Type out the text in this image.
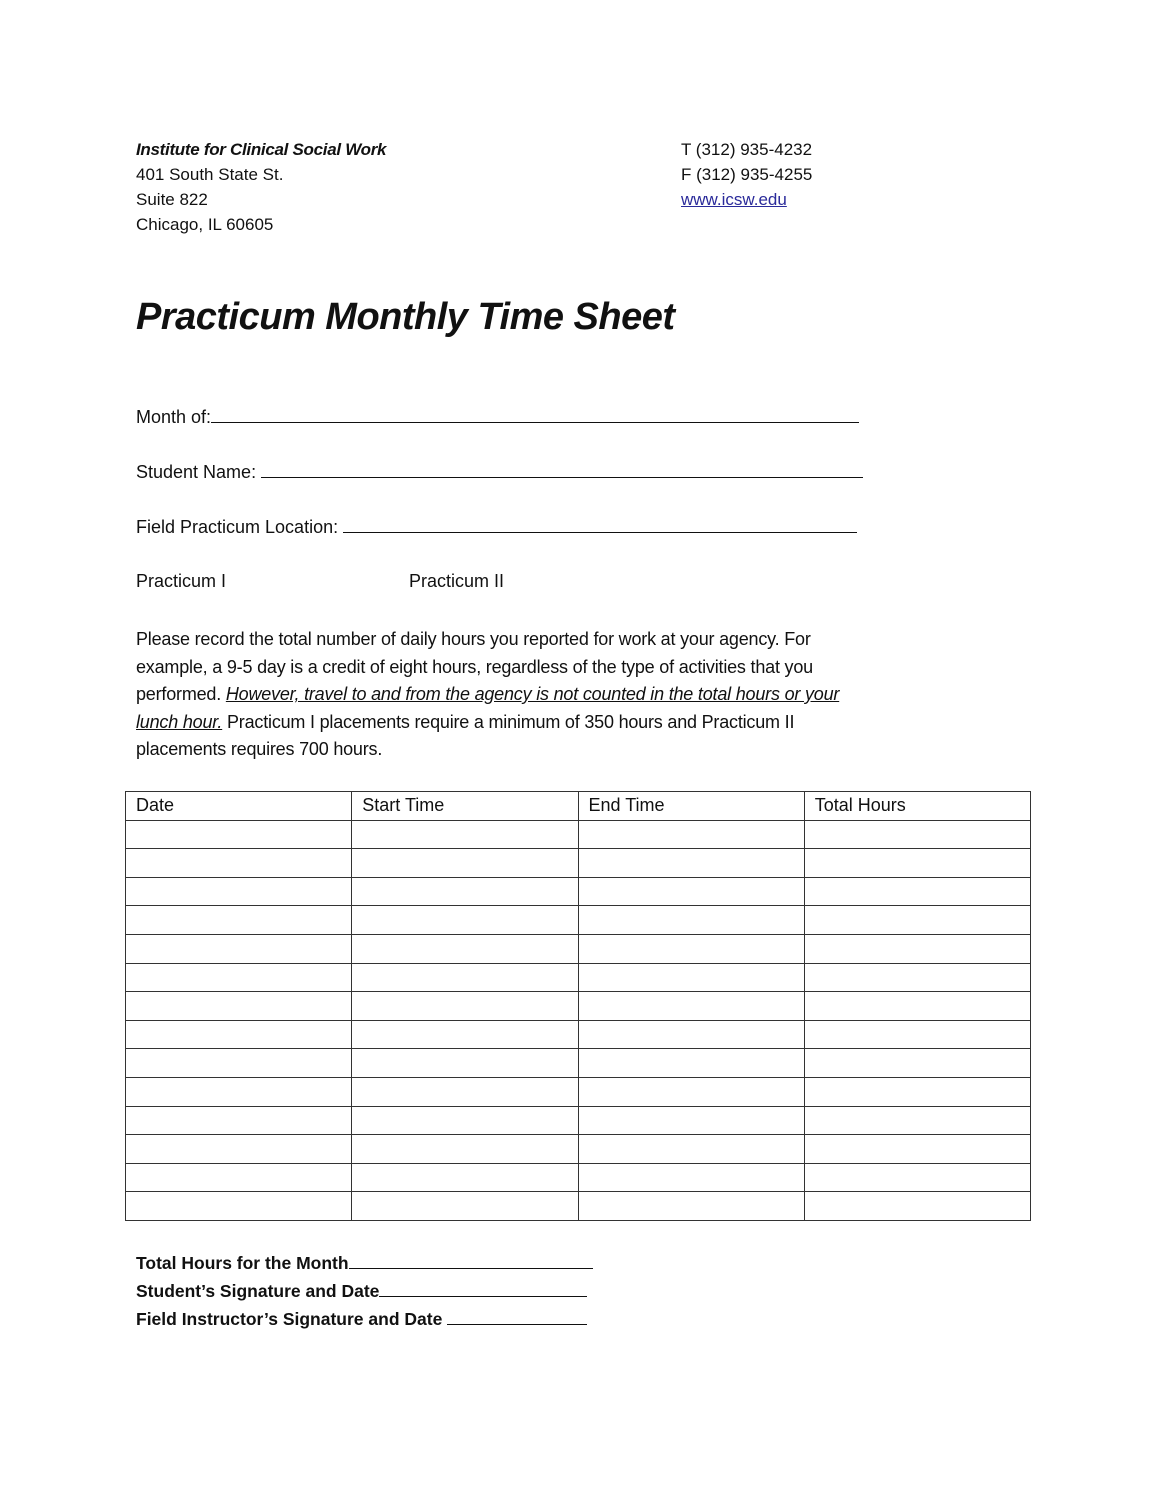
Institute for Clinical Social Work
401 South State St.
Suite 822
Chicago, IL 60605
T (312) 935-4232
F (312) 935-4255
www.icsw.edu
Practicum Monthly Time Sheet
Month of:
Student Name:
Field Practicum Location:
Practicum I	Practicum II
Please record the total number of daily hours you reported for work at your agency. For
example, a 9-5 day is a credit of eight hours, regardless of the type of activities that you
performed. However, travel to and from the agency is not counted in the total hours or your
lunch hour. Practicum I placements require a minimum of 350 hours and Practicum II
placements requires 700 hours.
Date	Start Time	End Time	Total Hours

Total Hours for the Month
Student’s Signature and Date
Field Instructor’s Signature and Date
